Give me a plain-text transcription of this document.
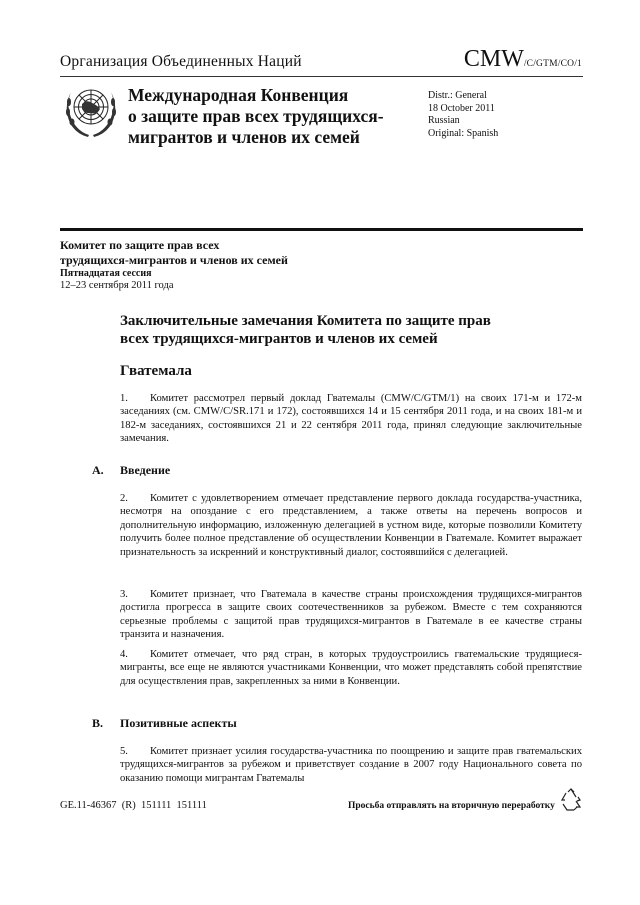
Организация Объединенных Наций	CMW/C/GTM/CO/1
Международная Конвенция
о защите прав всех трудящихся-
мигрантов и членов их семей
Distr.: General
18 October 2011
Russian
Original: Spanish
Комитет по защите прав всех
трудящихся-мигрантов и членов их семей
Пятнадцатая сессия
12–23 сентября 2011 года
Заключительные замечания Комитета по защите прав
всех трудящихся-мигрантов и членов их семей
Гватемала
1. Комитет рассмотрел первый доклад Гватемалы (CMW/C/GTM/1) на своих 171-м и 172-м заседаниях (см. CMW/C/SR.171 и 172), состоявшихся 14 и 15 сентября 2011 года, и на своих 181-м и 182-м заседаниях, состоявшихся 21 и 22 сентября 2011 года, принял следующие заключительные замечания.
A. Введение
2. Комитет с удовлетворением отмечает представление первого доклада государства-участника, несмотря на опоздание с его представлением, а также ответы на перечень вопросов и дополнительную информацию, изложенную делегацией в устном виде, которые позволили Комитету получить более полное представление об осуществлении Конвенции в Гватемале. Комитет выражает признательность за искренний и конструктивный диалог, состоявшийся с делегацией.
3. Комитет признает, что Гватемала в качестве страны происхождения трудящихся-мигрантов достигла прогресса в защите своих соотечественников за рубежом. Вместе с тем сохраняются серьезные проблемы с защитой прав трудящихся-мигрантов в Гватемале в ее качестве страны транзита и назначения.
4. Комитет отмечает, что ряд стран, в которых трудоустроились гватемальские трудящиеся-мигранты, все еще не являются участниками Конвенции, что может представлять собой препятствие для осуществления прав, закрепленных за ними в Конвенции.
B. Позитивные аспекты
5. Комитет признает усилия государства-участника по поощрению и защите прав гватемальских трудящихся-мигрантов за рубежом и приветствует создание в 2007 году Национального совета по оказанию помощи мигрантам Гватемалы
GE.11-46367  (R)  151111  151111	Просьба отправлять на вторичную переработку
